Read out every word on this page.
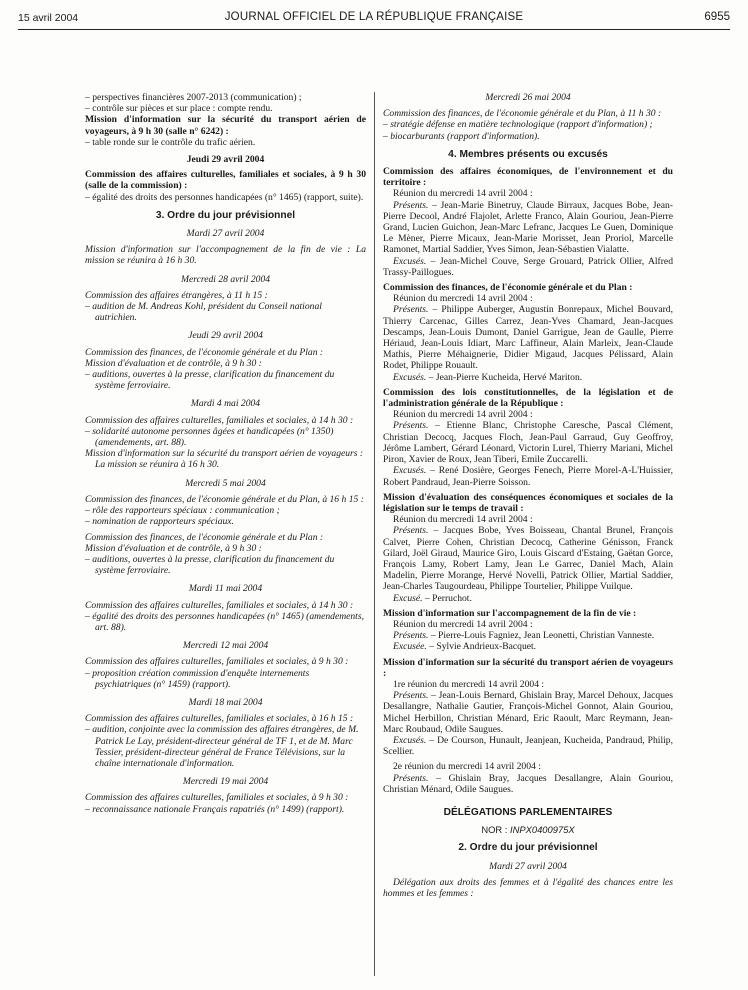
15 avril 2004	JOURNAL OFFICIEL DE LA RÉPUBLIQUE FRANÇAISE	6955

– perspectives financières 2007-2013 (communication) ;

– contrôle sur pièces et sur place : compte rendu.

Mission d'information sur la sécurité du transport aérien de voyageurs, à 9 h 30 (salle n° 6242) :

– table ronde sur le contrôle du trafic aérien.

Jeudi 29 avril 2004

Commission des affaires culturelles, familiales et sociales, à 9 h 30 (salle de la commission) :

– égalité des droits des personnes handicapées (n° 1465) (rapport, suite).

3. Ordre du jour prévisionnel

Mardi 27 avril 2004

Mission d'information sur l'accompagnement de la fin de vie : La mission se réunira à 16 h 30.

Mercredi 28 avril 2004

Commission des affaires étrangères, à 11 h 15 :

– audition de M. Andreas Kohl, président du Conseil national autrichien.

Jeudi 29 avril 2004

Commission des finances, de l'économie générale et du Plan :

Mission d'évaluation et de contrôle, à 9 h 30 :

– auditions, ouvertes à la presse, clarification du financement du système ferroviaire.

Mardi 4 mai 2004

Commission des affaires culturelles, familiales et sociales, à 14 h 30 :

– solidarité autonome personnes âgées et handicapées (n° 1350) (amendements, art. 88).

Mission d'information sur la sécurité du transport aérien de voyageurs :

La mission se réunira à 16 h 30.

Mercredi 5 mai 2004

Commission des finances, de l'économie générale et du Plan, à 16 h 15 :

– rôle des rapporteurs spéciaux : communication ;

– nomination de rapporteurs spéciaux.

Commission des finances, de l'économie générale et du Plan :

Mission d'évaluation et de contrôle, à 9 h 30 :

– auditions, ouvertes à la presse, clarification du financement du système ferroviaire.

Mardi 11 mai 2004

Commission des affaires culturelles, familiales et sociales, à 14 h 30 :

– égalité des droits des personnes handicapées (n° 1465) (amendements, art. 88).

Mercredi 12 mai 2004

Commission des affaires culturelles, familiales et sociales, à 9 h 30 :

– proposition création commission d'enquête internements psychiatriques (n° 1459) (rapport).

Mardi 18 mai 2004

Commission des affaires culturelles, familiales et sociales, à 16 h 15 :

– audition, conjointe avec la commission des affaires étrangères, de M. Patrick Le Lay, président-directeur général de TF 1, et de M. Marc Tessier, président-directeur général de France Télévisions, sur la chaîne internationale d'information.

Mercredi 19 mai 2004

Commission des affaires culturelles, familiales et sociales, à 9 h 30 :

– reconnaissance nationale Français rapatriés (n° 1499) (rapport).

Mercredi 26 mai 2004

Commission des finances, de l'économie générale et du Plan, à 11 h 30 :

– stratégie défense en matière technologique (rapport d'information) ;

– biocarburants (rapport d'information).

4. Membres présents ou excusés

Commission des affaires économiques, de l'environnement et du territoire :

Réunion du mercredi 14 avril 2004 :

Présents. – Jean-Marie Binetruy, Claude Birraux, Jacques Bobe, Jean-Pierre Decool, André Flajolet, Arlette Franco, Alain Gouriou, Jean-Pierre Grand, Lucien Guichon, Jean-Marc Lefranc, Jacques Le Guen, Dominique Le Mèner, Pierre Micaux, Jean-Marie Morisset, Jean Proriol, Marcelle Ramonet, Martial Saddier, Yves Simon, Jean-Sébastien Vialatte.

Excusés. – Jean-Michel Couve, Serge Grouard, Patrick Ollier, Alfred Trassy-Paillogues.

Commission des finances, de l'économie générale et du Plan :

Réunion du mercredi 14 avril 2004 :

Présents. – Philippe Auberger, Augustin Bonrepaux, Michel Bouvard, Thierry Carcenac, Gilles Carrez, Jean-Yves Chamard, Jean-Jacques Descamps, Jean-Louis Dumont, Daniel Garrigue, Jean de Gaulle, Pierre Hériaud, Jean-Louis Idiart, Marc Laffineur, Alain Marleix, Jean-Claude Mathis, Pierre Méhaignerie, Didier Migaud, Jacques Pélissard, Alain Rodet, Philippe Rouault.

Excusés. – Jean-Pierre Kucheida, Hervé Mariton.

Commission des lois constitutionnelles, de la législation et de l'administration générale de la République :

Réunion du mercredi 14 avril 2004 :

Présents. – Etienne Blanc, Christophe Caresche, Pascal Clément, Christian Decocq, Jacques Floch, Jean-Paul Garraud, Guy Geoffroy, Jérôme Lambert, Gérard Léonard, Victorin Lurel, Thierry Mariani, Michel Piron, Xavier de Roux, Jean Tiberi, Emile Zuccarelli.

Excusés. – René Dosière, Georges Fenech, Pierre Morel-A-L'Huissier, Robert Pandraud, Jean-Pierre Soisson.

Mission d'évaluation des conséquences économiques et sociales de la législation sur le temps de travail :

Réunion du mercredi 14 avril 2004 :

Présents. – Jacques Bobe, Yves Boisseau, Chantal Brunel, François Calvet, Pierre Cohen, Christian Decocq, Catherine Génisson, Franck Gilard, Joël Giraud, Maurice Giro, Louis Giscard d'Estaing, Gaëtan Gorce, François Lamy, Robert Lamy, Jean Le Garrec, Daniel Mach, Alain Madelin, Pierre Morange, Hervé Novelli, Patrick Ollier, Martial Saddier, Jean-Charles Taugourdeau, Philippe Tourtelier, Philippe Vuilque.

Excusé. – Perruchot.

Mission d'information sur l'accompagnement de la fin de vie :

Réunion du mercredi 14 avril 2004 :

Présents. – Pierre-Louis Fagniez, Jean Leonetti, Christian Vanneste.

Excusée. – Sylvie Andrieux-Bacquet.

Mission d'information sur la sécurité du transport aérien de voyageurs :

1re réunion du mercredi 14 avril 2004 :

Présents. – Jean-Louis Bernard, Ghislain Bray, Marcel Dehoux, Jacques Desallangre, Nathalie Gautier, François-Michel Gonnot, Alain Gouriou, Michel Herbillon, Christian Ménard, Eric Raoult, Marc Reymann, Jean-Marc Roubaud, Odile Saugues.

Excusés. – De Courson, Hunault, Jeanjean, Kucheida, Pandraud, Philip, Scellier.

2e réunion du mercredi 14 avril 2004 :

Présents. – Ghislain Bray, Jacques Desallangre, Alain Gouriou, Christian Ménard, Odile Saugues.

DÉLÉGATIONS PARLEMENTAIRES

NOR : INPX0400975X

2. Ordre du jour prévisionnel

Mardi 27 avril 2004

Délégation aux droits des femmes et à l'égalité des chances entre les hommes et les femmes :
